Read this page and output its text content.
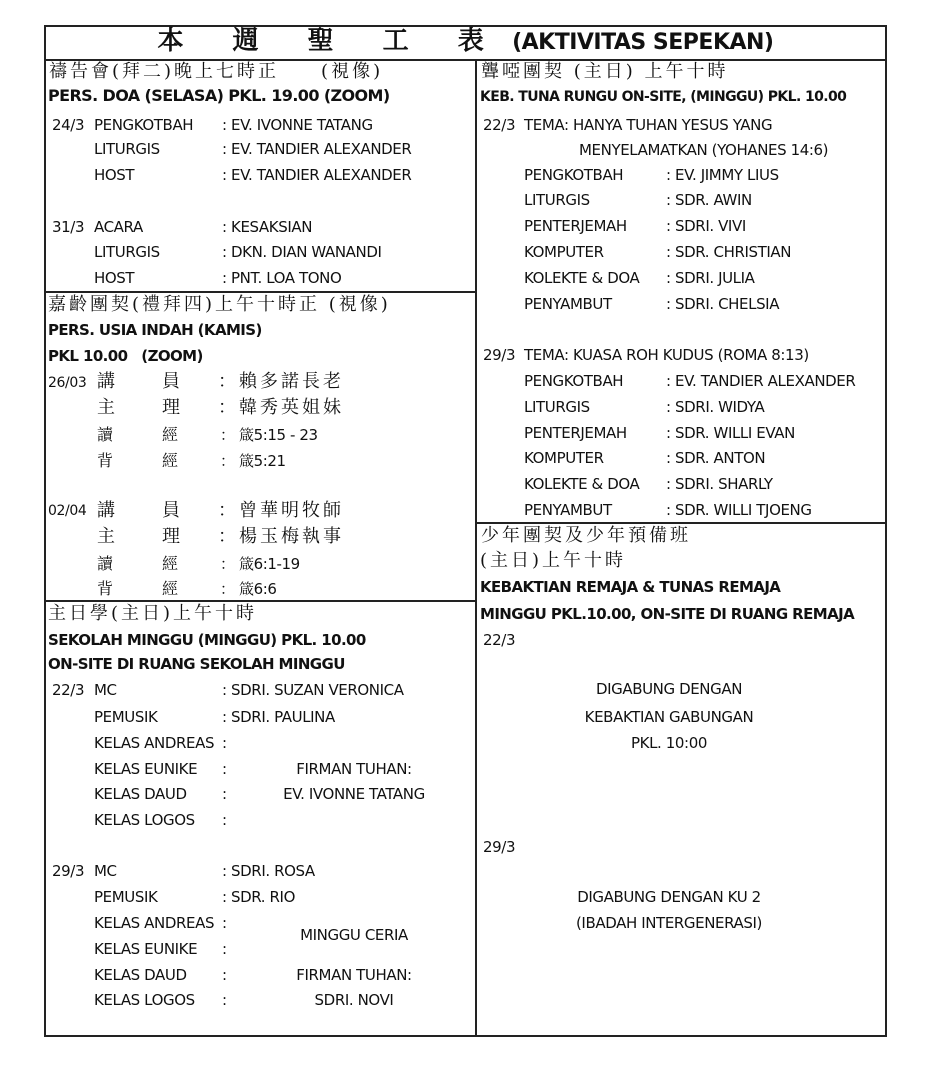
本 週 聖 工 表 (AKTIVITAS SEPEKAN)
禱告會(拜二)晚上七時正　　(視像)
PERS. DOA (SELASA) PKL. 19.00 (ZOOM)
24/3 PENGKOTBAH : EV. IVONNE TATANG
LITURGIS	: EV. TANDIER ALEXANDER
HOST	: EV. TANDIER ALEXANDER
31/3 ACARA	: KESAKSIAN
LITURGIS	: DKN. DIAN WANANDI
HOST	: PNT. LOA TONO
嘉齡團契(禮拜四)上午十時正 (視像)
PERS. USIA INDAH (KAMIS)
PKL 10.00   (ZOOM)
26/03 講 員 ：賴多諾長老
主 理 ：韓秀英姐妹
讀	經	： 箴5:15 - 23
背	經	： 箴5:21
02/04 講 員 ：曾華明牧師
主 理 ：楊玉梅執事
讀	經	： 箴6:1-19
背	經	： 箴6:6
主日學(主日)上午十時
SEKOLAH MINGGU (MINGGU) PKL. 10.00
ON-SITE DI RUANG SEKOLAH MINGGU
22/3 MC	: SDRI. SUZAN VERONICA
PEMUSIK	: SDRI. PAULINA
KELAS ANDREAS :
KELAS EUNIKE :
KELAS DAUD :
KELAS LOGOS :
FIRMAN TUHAN:
EV. IVONNE TATANG
29/3 MC	: SDRI. ROSA
PEMUSIK	: SDR. RIO
KELAS ANDREAS :
KELAS EUNIKE :
KELAS DAUD :
KELAS LOGOS :
MINGGU CERIA
FIRMAN TUHAN:
SDRI. NOVI
聾啞團契 (主日) 上午十時
KEB. TUNA RUNGU ON-SITE, (MINGGU) PKL. 10.00
22/3 TEMA: HANYA TUHAN YESUS YANG
MENYELAMATKAN (YOHANES 14:6)
PENGKOTBAH	: EV. JIMMY LIUS
LITURGIS	: SDR. AWIN
PENTERJEMAH	: SDRI. VIVI
KOMPUTER	: SDR. CHRISTIAN
KOLEKTE & DOA : SDRI. JULIA
PENYAMBUT	: SDRI. CHELSIA
29/3 TEMA: KUASA ROH KUDUS (ROMA 8:13)
PENGKOTBAH	: EV. TANDIER ALEXANDER
LITURGIS	: SDRI. WIDYA
PENTERJEMAH	: SDR. WILLI EVAN
KOMPUTER	: SDR. ANTON
KOLEKTE & DOA : SDRI. SHARLY
PENYAMBUT	: SDR. WILLI TJOENG
少年團契及少年預備班
(主日)上午十時
KEBAKTIAN REMAJA & TUNAS REMAJA
MINGGU PKL.10.00, ON-SITE DI RUANG REMAJA
22/3
DIGABUNG DENGAN
KEBAKTIAN GABUNGAN
PKL. 10:00
29/3
DIGABUNG DENGAN KU 2
(IBADAH INTERGENERASI)
